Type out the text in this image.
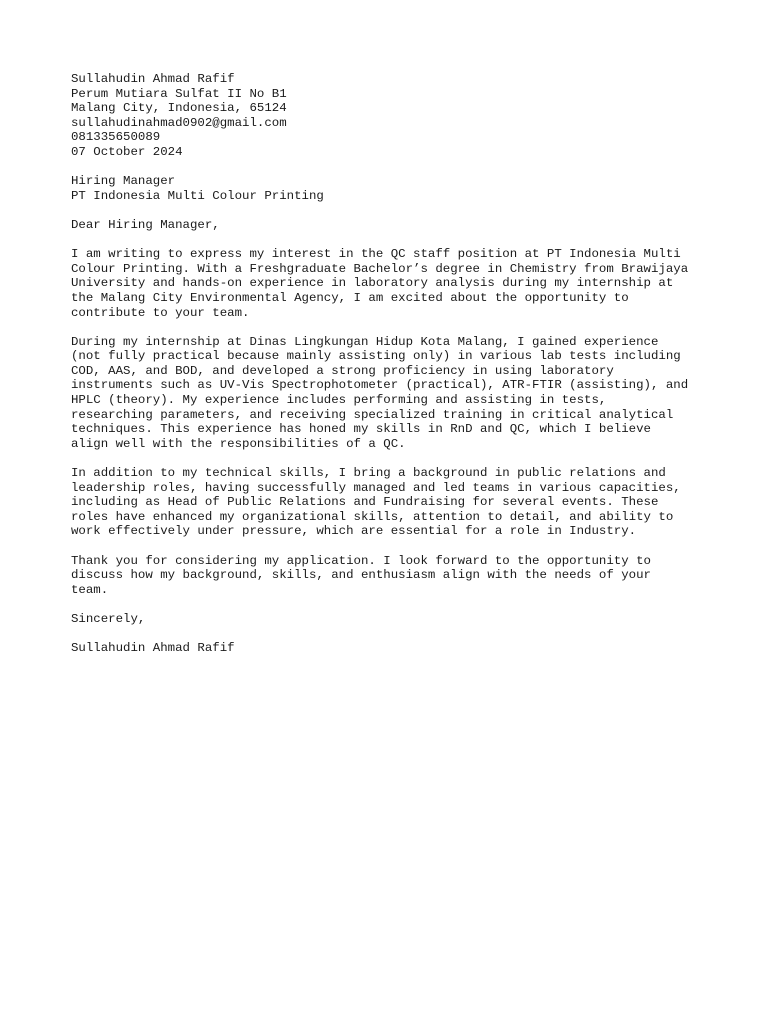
Sullahudin Ahmad Rafif
Perum Mutiara Sulfat II No B1
Malang City, Indonesia, 65124
sullahudinahmad0902@gmail.com
081335650089
07 October 2024
Hiring Manager
PT Indonesia Multi Colour Printing
Dear Hiring Manager,
I am writing to express my interest in the QC staff position at PT Indonesia Multi
Colour Printing. With a Freshgraduate Bachelor’s degree in Chemistry from Brawijaya
University and hands-on experience in laboratory analysis during my internship at
the Malang City Environmental Agency, I am excited about the opportunity to
contribute to your team.
During my internship at Dinas Lingkungan Hidup Kota Malang, I gained experience
(not fully practical because mainly assisting only) in various lab tests including
COD, AAS, and BOD, and developed a strong proficiency in using laboratory
instruments such as UV-Vis Spectrophotometer (practical), ATR-FTIR (assisting), and
HPLC (theory). My experience includes performing and assisting in tests,
researching parameters, and receiving specialized training in critical analytical
techniques. This experience has honed my skills in RnD and QC, which I believe
align well with the responsibilities of a QC.
In addition to my technical skills, I bring a background in public relations and
leadership roles, having successfully managed and led teams in various capacities,
including as Head of Public Relations and Fundraising for several events. These
roles have enhanced my organizational skills, attention to detail, and ability to
work effectively under pressure, which are essential for a role in Industry.
Thank you for considering my application. I look forward to the opportunity to
discuss how my background, skills, and enthusiasm align with the needs of your
team.
Sincerely,
Sullahudin Ahmad Rafif
